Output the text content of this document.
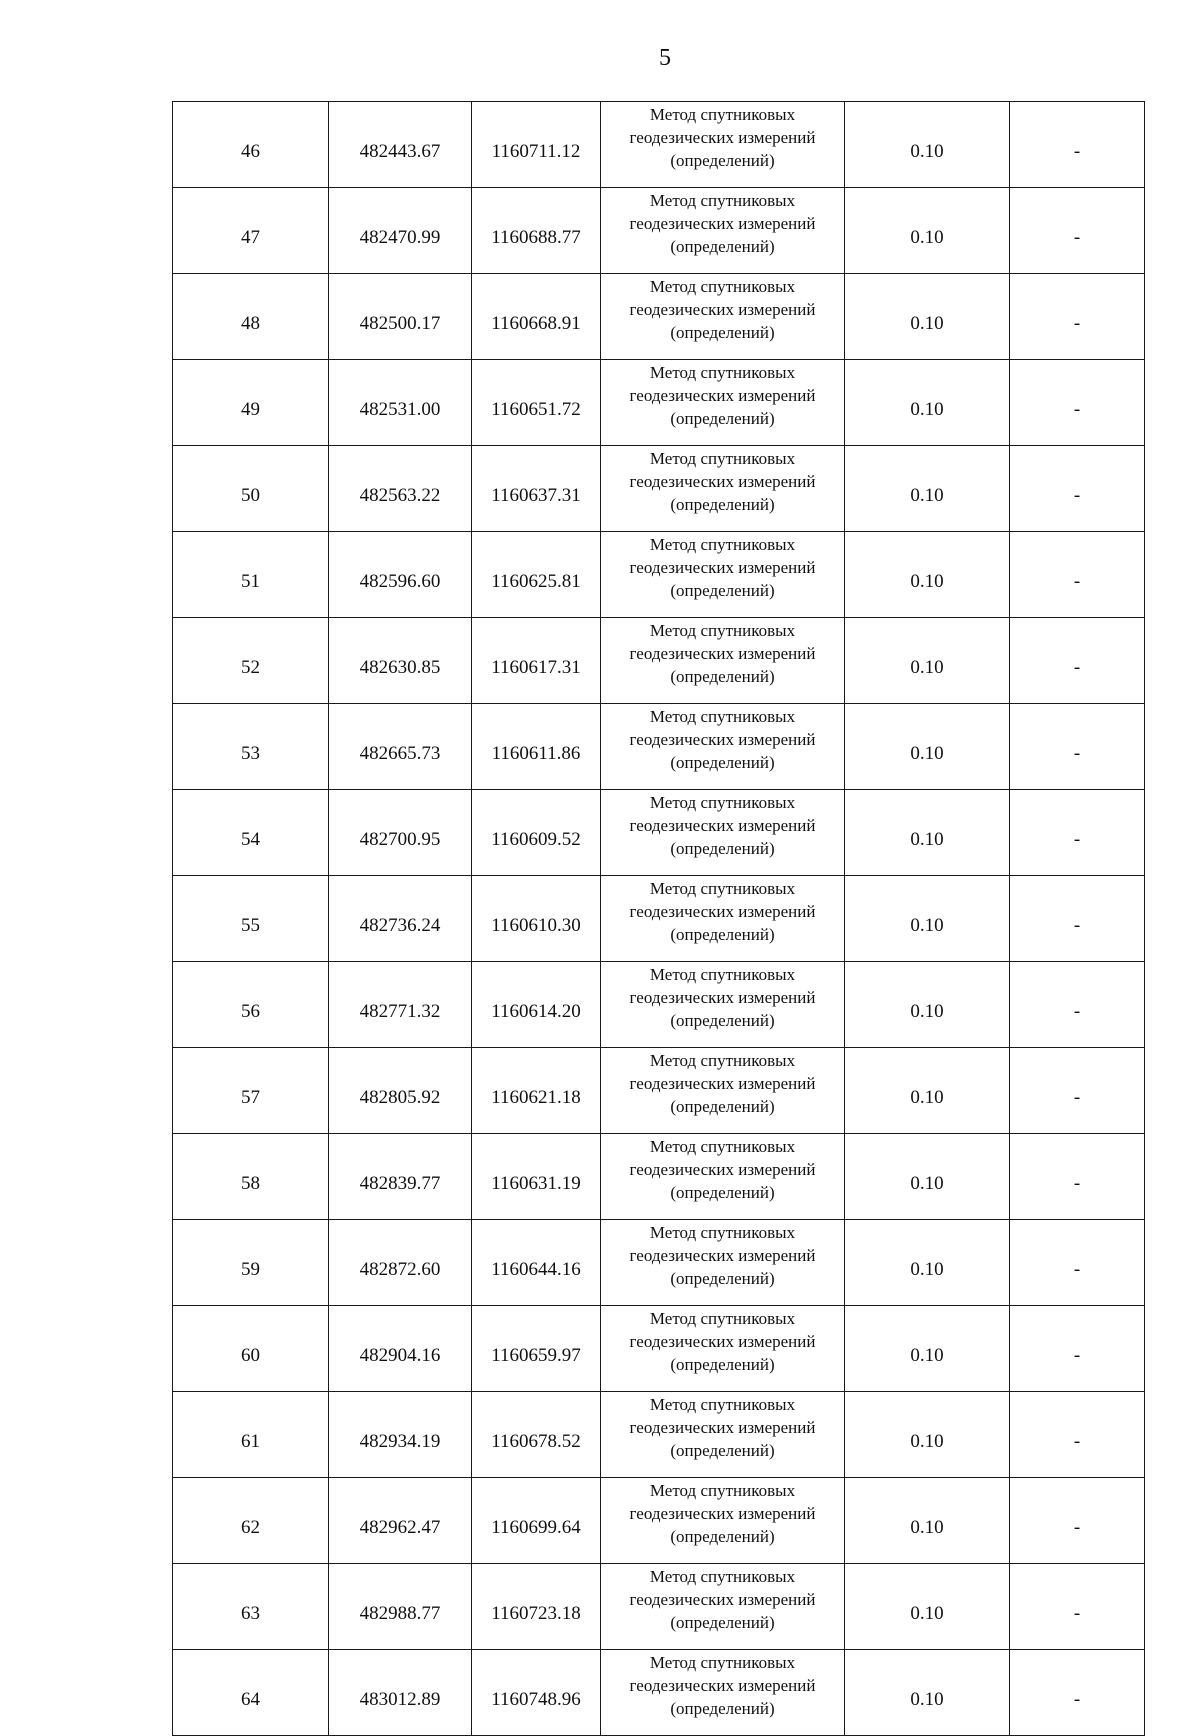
5
46	482443.67	1160711.12	Метод спутниковых
геодезических измерений
(определений)	0.10	-
47	482470.99	1160688.77	Метод спутниковых
геодезических измерений
(определений)	0.10	-
48	482500.17	1160668.91	Метод спутниковых
геодезических измерений
(определений)	0.10	-
49	482531.00	1160651.72	Метод спутниковых
геодезических измерений
(определений)	0.10	-
50	482563.22	1160637.31	Метод спутниковых
геодезических измерений
(определений)	0.10	-
51	482596.60	1160625.81	Метод спутниковых
геодезических измерений
(определений)	0.10	-
52	482630.85	1160617.31	Метод спутниковых
геодезических измерений
(определений)	0.10	-
53	482665.73	1160611.86	Метод спутниковых
геодезических измерений
(определений)	0.10	-
54	482700.95	1160609.52	Метод спутниковых
геодезических измерений
(определений)	0.10	-
55	482736.24	1160610.30	Метод спутниковых
геодезических измерений
(определений)	0.10	-
56	482771.32	1160614.20	Метод спутниковых
геодезических измерений
(определений)	0.10	-
57	482805.92	1160621.18	Метод спутниковых
геодезических измерений
(определений)	0.10	-
58	482839.77	1160631.19	Метод спутниковых
геодезических измерений
(определений)	0.10	-
59	482872.60	1160644.16	Метод спутниковых
геодезических измерений
(определений)	0.10	-
60	482904.16	1160659.97	Метод спутниковых
геодезических измерений
(определений)	0.10	-
61	482934.19	1160678.52	Метод спутниковых
геодезических измерений
(определений)	0.10	-
62	482962.47	1160699.64	Метод спутниковых
геодезических измерений
(определений)	0.10	-
63	482988.77	1160723.18	Метод спутниковых
геодезических измерений
(определений)	0.10	-
64	483012.89	1160748.96	Метод спутниковых
геодезических измерений
(определений)	0.10	-
